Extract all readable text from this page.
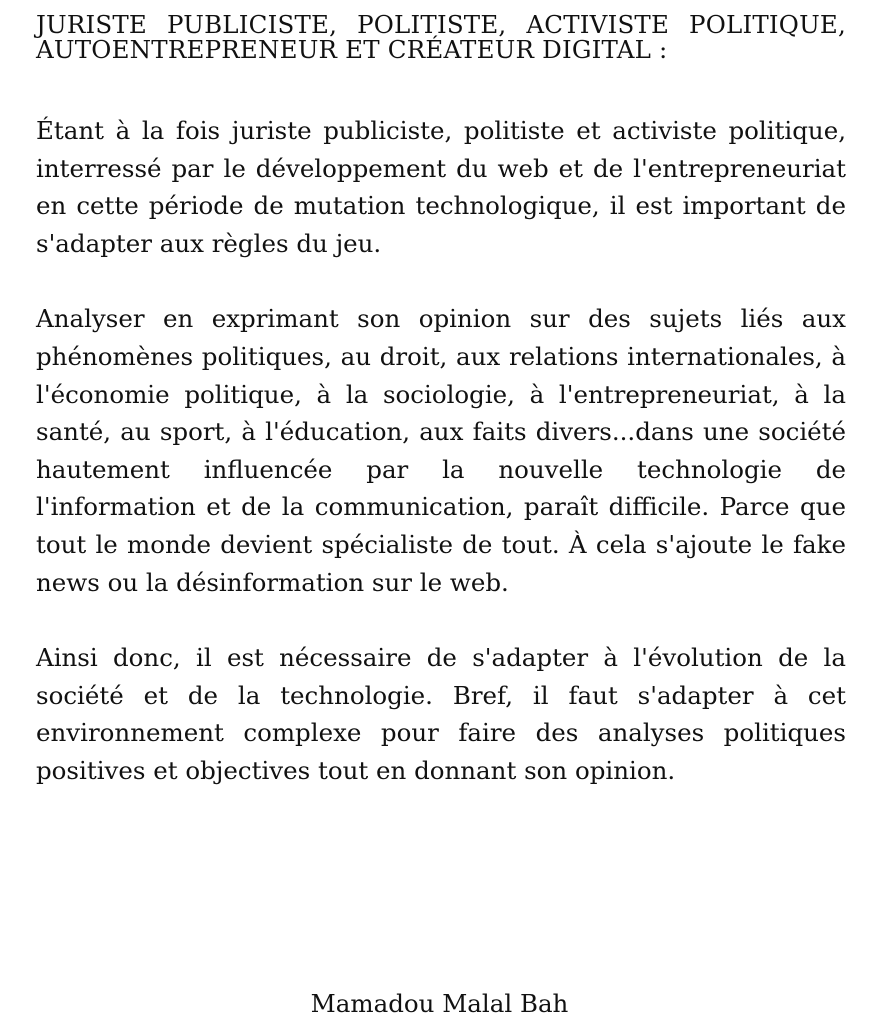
JURISTE PUBLICISTE, POLITISTE, ACTIVISTE POLITIQUE, AUTOENTREPRENEUR ET CRÉATEUR DIGITAL :

Étant à la fois juriste publiciste, politiste et activiste politique, interressé par le développement du web et de l'entrepreneuriat en cette période de mutation technologique, il est important de s'adapter aux règles du jeu.

Analyser en exprimant son opinion sur des sujets liés aux phénomènes politiques, au droit, aux relations internationales, à l'économie politique, à la sociologie, à l'entrepreneuriat, à la santé, au sport, à l'éducation, aux faits divers...dans une société hautement influencée par la nouvelle technologie de l'information et de la communication, paraît difficile. Parce que tout le monde devient spécialiste de tout. À cela s'ajoute le fake news ou la désinformation sur le web.

Ainsi donc, il est nécessaire de s'adapter à l'évolution de la société et de la technologie. Bref, il faut s'adapter à cet environnement complexe pour faire des analyses politiques positives et objectives tout en donnant son opinion.

Mamadou Malal Bah
